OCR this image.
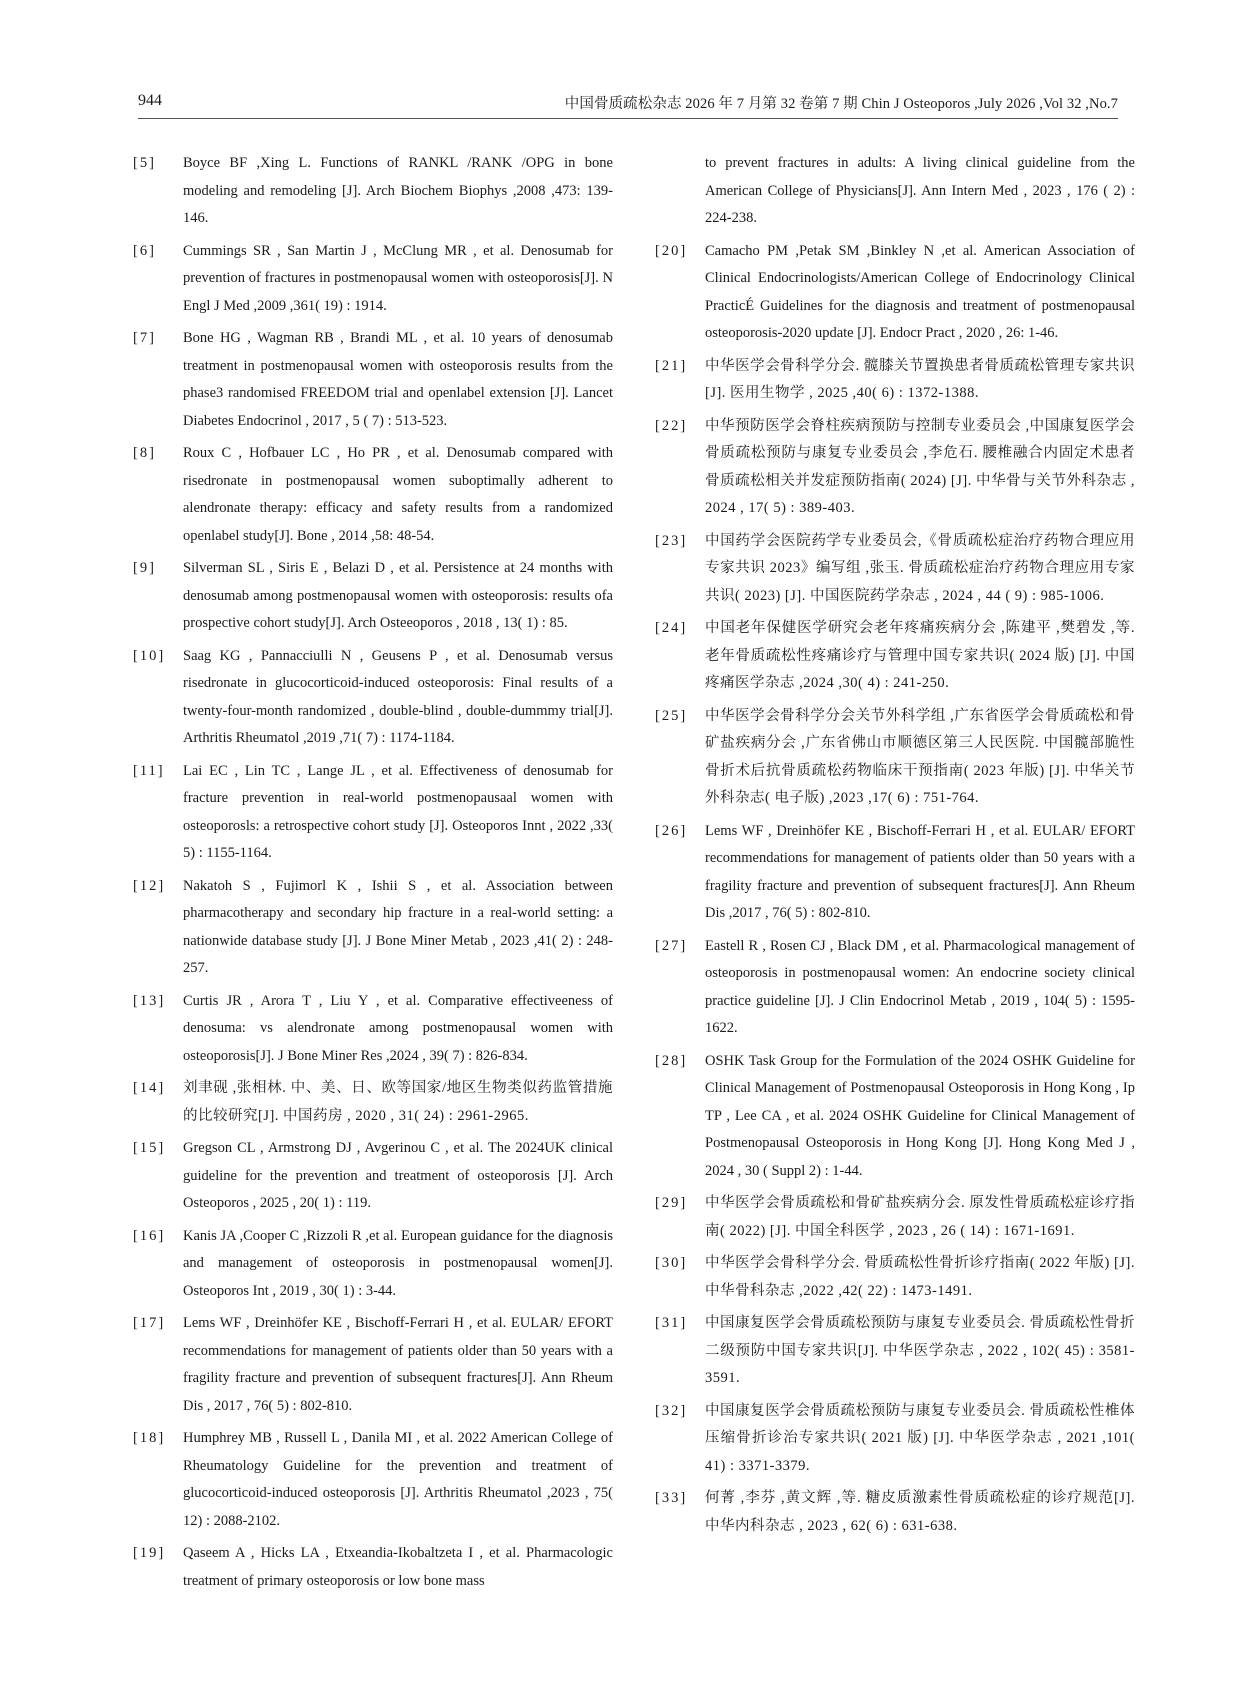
944	中国骨质疏松杂志 2026 年 7 月第 32 卷第 7 期 Chin J Osteoporos ,July 2026 ,Vol 32 ,No.7
[5]	Boyce BF ,Xing L. Functions of RANKL /RANK /OPG in bone modeling and remodeling [J]. Arch Biochem Biophys ,2008 ,473: 139-146.
[6]	Cummings SR , San Martin J , McClung MR , et al. Denosumab for prevention of fractures in postmenopausal women with osteoporosis[J]. N Engl J Med ,2009 ,361( 19) : 1914.
[7]	Bone HG , Wagman RB , Brandi ML , et al. 10 years of denosumab treatment in postmenopausal women with osteoporosis results from the phase3 randomised FREEDOM trial and openlabel extension [J]. Lancet Diabetes Endocrinol , 2017 , 5 ( 7) : 513-523.
[8]	Roux C , Hofbauer LC , Ho PR , et al. Denosumab compared with risedronate in postmenopausal women suboptimally adherent to alendronate therapy: efficacy and safety results from a randomized openlabel study[J]. Bone , 2014 ,58: 48-54.
[9]	Silverman SL , Siris E , Belazi D , et al. Persistence at 24 months with denosumab among postmenopausal women with osteoporosis: results ofa prospective cohort study[J]. Arch Osteeoporos , 2018 , 13( 1) : 85.
[10]	Saag KG , Pannacciulli N , Geusens P , et al. Denosumab versus risedronate in glucocorticoid-induced osteoporosis: Final results of a twenty-four-month randomized , double-blind , double-dummmy trial[J]. Arthritis Rheumatol ,2019 ,71( 7) : 1174-1184.
[11]	Lai EC , Lin TC , Lange JL , et al. Effectiveness of denosumab for fracture prevention in real-world postmenopausaal women with osteoporosls: a retrospective cohort study [J]. Osteoporos Innt , 2022 ,33( 5) : 1155-1164.
[12]	Nakatoh S , Fujimorl K , Ishii S , et al. Association between pharmacotherapy and secondary hip fracture in a real-world setting: a nationwide database study [J]. J Bone Miner Metab , 2023 ,41( 2) : 248-257.
[13]	Curtis JR , Arora T , Liu Y , et al. Comparative effectiveeness of denosuma: vs alendronate among postmenopausal women with osteoporosis[J]. J Bone Miner Res ,2024 , 39( 7) : 826-834.
[14]	刘聿砚 ,张相林. 中、美、日、欧等国家/地区生物类似药监管措施的比较研究[J]. 中国药房 , 2020 , 31( 24) : 2961-2965.
[15]	Gregson CL , Armstrong DJ , Avgerinou C , et al. The 2024UK clinical guideline for the prevention and treatment of osteoporosis [J]. Arch Osteoporos , 2025 , 20( 1) : 119.
[16]	Kanis JA ,Cooper C ,Rizzoli R ,et al. European guidance for the diagnosis and management of osteoporosis in postmenopausal women[J]. Osteoporos Int , 2019 , 30( 1) : 3-44.
[17]	Lems WF , Dreinhöfer KE , Bischoff-Ferrari H , et al. EULAR/ EFORT recommendations for management of patients older than 50 years with a fragility fracture and prevention of subsequent fractures[J]. Ann Rheum Dis , 2017 , 76( 5) : 802-810.
[18]	Humphrey MB , Russell L , Danila MI , et al. 2022 American College of Rheumatology Guideline for the prevention and treatment of glucocorticoid-induced osteoporosis [J]. Arthritis Rheumatol ,2023 , 75( 12) : 2088-2102.
[19]	Qaseem A , Hicks LA , Etxeandia-Ikobaltzeta I , et al. Pharmacologic treatment of primary osteoporosis or low bone mass
to prevent fractures in adults: A living clinical guideline from the American College of Physicians[J]. Ann Intern Med , 2023 , 176 ( 2) : 224-238.
[20]	Camacho PM ,Petak SM ,Binkley N ,et al. American Association of Clinical Endocrinologists/American College of Endocrinology Clinical PracticÉ Guidelines for the diagnosis and treatment of postmenopausal osteoporosis-2020 update [J]. Endocr Pract , 2020 , 26: 1-46.
[21]	中华医学会骨科学分会. 髋膝关节置换患者骨质疏松管理专家共识[J]. 医用生物学 , 2025 ,40( 6) : 1372-1388.
[22]	中华预防医学会脊柱疾病预防与控制专业委员会 ,中国康复医学会骨质疏松预防与康复专业委员会 ,李危石. 腰椎融合内固定术患者骨质疏松相关并发症预防指南( 2024) [J]. 中华骨与关节外科杂志 , 2024 , 17( 5) : 389-403.
[23]	中国药学会医院药学专业委员会,《骨质疏松症治疗药物合理应用专家共识 2023》编写组 ,张玉. 骨质疏松症治疗药物合理应用专家共识( 2023) [J]. 中国医院药学杂志 , 2024 , 44 ( 9) : 985-1006.
[24]	中国老年保健医学研究会老年疼痛疾病分会 ,陈建平 ,樊碧发 ,等. 老年骨质疏松性疼痛诊疗与管理中国专家共识( 2024 版) [J]. 中国疼痛医学杂志 ,2024 ,30( 4) : 241-250.
[25]	中华医学会骨科学分会关节外科学组 ,广东省医学会骨质疏松和骨矿盐疾病分会 ,广东省佛山市顺德区第三人民医院. 中国髋部脆性骨折术后抗骨质疏松药物临床干预指南( 2023 年版) [J]. 中华关节外科杂志( 电子版) ,2023 ,17( 6) : 751-764.
[26]	Lems WF , Dreinhöfer KE , Bischoff-Ferrari H , et al. EULAR/ EFORT recommendations for management of patients older than 50 years with a fragility fracture and prevention of subsequent fractures[J]. Ann Rheum Dis ,2017 , 76( 5) : 802-810.
[27]	Eastell R , Rosen CJ , Black DM , et al. Pharmacological management of osteoporosis in postmenopausal women: An endocrine society clinical practice guideline [J]. J Clin Endocrinol Metab , 2019 , 104( 5) : 1595-1622.
[28]	OSHK Task Group for the Formulation of the 2024 OSHK Guideline for Clinical Management of Postmenopausal Osteoporosis in Hong Kong , Ip TP , Lee CA , et al. 2024 OSHK Guideline for Clinical Management of Postmenopausal Osteoporosis in Hong Kong [J]. Hong Kong Med J , 2024 , 30 ( Suppl 2) : 1-44.
[29]	中华医学会骨质疏松和骨矿盐疾病分会. 原发性骨质疏松症诊疗指南( 2022) [J]. 中国全科医学 , 2023 , 26 ( 14) : 1671-1691.
[30]	中华医学会骨科学分会. 骨质疏松性骨折诊疗指南( 2022 年版) [J]. 中华骨科杂志 ,2022 ,42( 22) : 1473-1491.
[31]	中国康复医学会骨质疏松预防与康复专业委员会. 骨质疏松性骨折二级预防中国专家共识[J]. 中华医学杂志 , 2022 , 102( 45) : 3581-3591.
[32]	中国康复医学会骨质疏松预防与康复专业委员会. 骨质疏松性椎体压缩骨折诊治专家共识( 2021 版) [J]. 中华医学杂志 , 2021 ,101( 41) : 3371-3379.
[33]	何菁 ,李芬 ,黄文辉 ,等. 糖皮质激素性骨质疏松症的诊疗规范[J]. 中华内科杂志 , 2023 , 62( 6) : 631-638.
